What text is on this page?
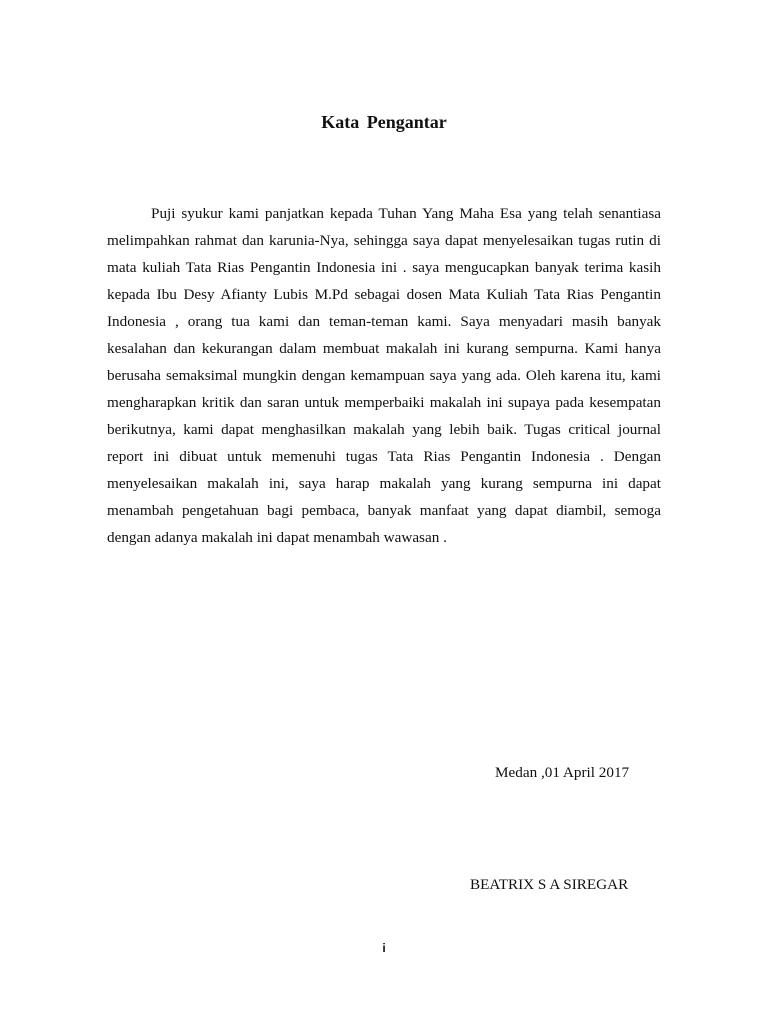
Kata Pengantar

Puji syukur kami panjatkan kepada Tuhan Yang Maha Esa yang telah senantiasa melimpahkan rahmat dan karunia-Nya, sehingga saya dapat menyelesaikan tugas rutin di mata kuliah Tata Rias Pengantin Indonesia ini . saya mengucapkan banyak terima kasih kepada Ibu Desy Afianty Lubis M.Pd sebagai dosen Mata Kuliah Tata Rias Pengantin Indonesia , orang tua kami dan teman-teman kami. Saya menyadari masih banyak kesalahan dan kekurangan dalam membuat makalah ini kurang sempurna. Kami hanya berusaha semaksimal mungkin dengan kemampuan saya yang ada. Oleh karena itu, kami mengharapkan kritik dan saran untuk memperbaiki makalah ini supaya pada kesempatan berikutnya, kami dapat menghasilkan makalah yang lebih baik. Tugas critical journal report ini dibuat untuk memenuhi tugas Tata Rias Pengantin Indonesia . Dengan menyelesaikan makalah ini, saya harap makalah yang kurang sempurna ini dapat menambah pengetahuan bagi pembaca, banyak manfaat yang dapat diambil, semoga dengan adanya makalah ini dapat menambah wawasan .

Medan ,01 April 2017

BEATRIX S A SIREGAR

i
